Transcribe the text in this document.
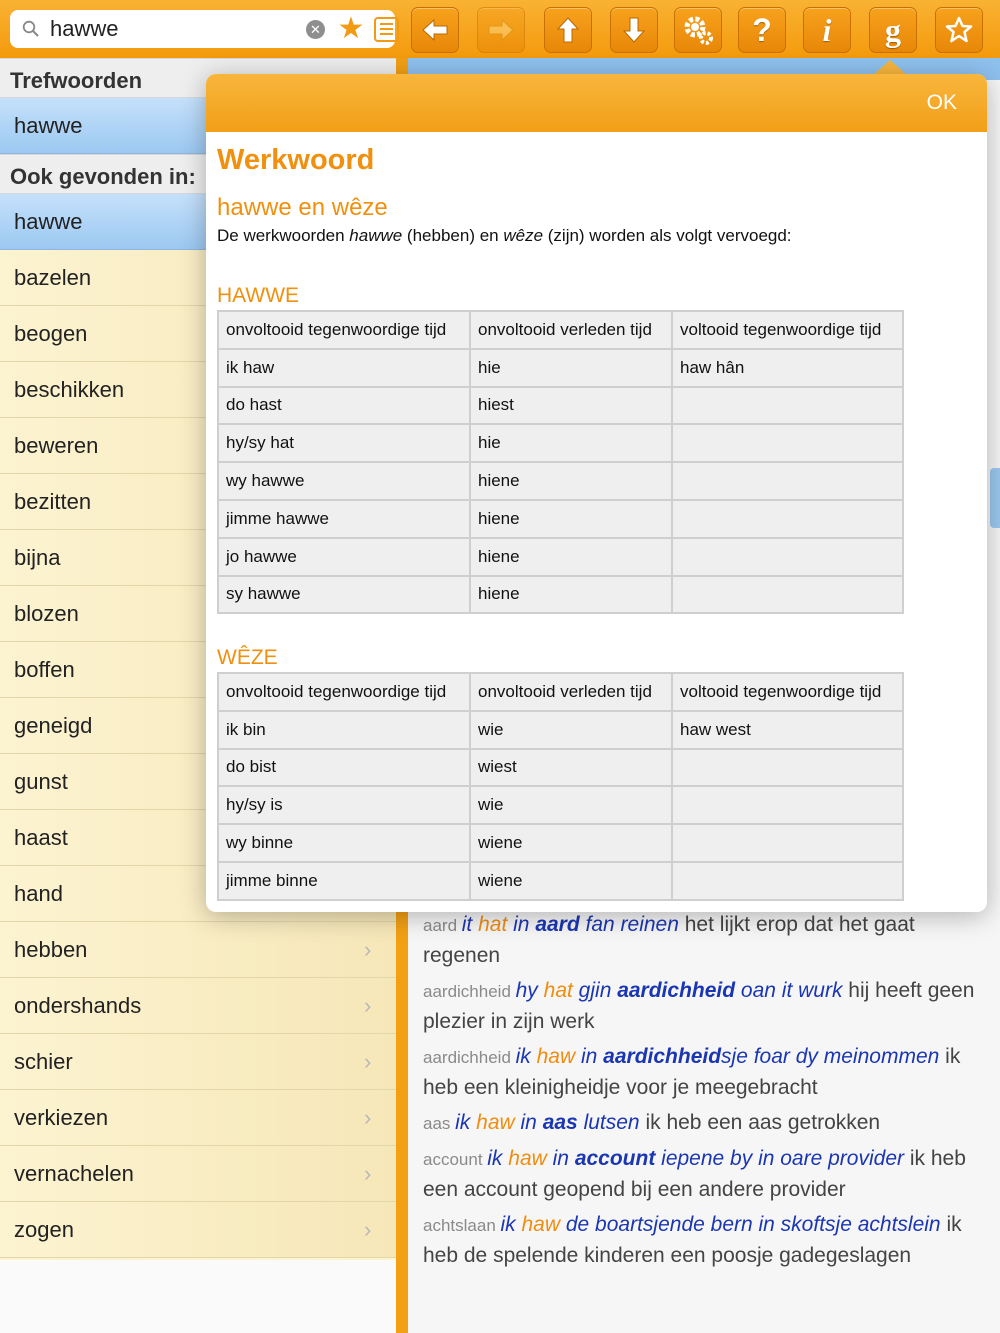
hawwe
✕ ★	?	i	g
Trefwoorden
hawwe
Ook gevonden in:
hawwe
bazelen
beogen
beschikken
beweren
bezitten
bijna
blozen
boffen
geneigd
gunst
haast
hand
hebben	›
ondershands	›
schier	›
verkiezen	›
vernachelen	›
zogen	›
aard it hat in aard fan reinen het lijkt erop dat het gaat regenen
aardichheid hy hat gjin aardichheid oan it wurk hij heeft geen plezier in zijn werk
aardichheid ik haw in aardichheidsje foar dy meinommen ik heb een kleinigheidje voor je meegebracht
aas ik haw in aas lutsen ik heb een aas getrokken
account ik haw in account iepene by in oare provider ik heb een account geopend bij een andere provider
achtslaan ik haw de boartsjende bern in skoftsje achtslein ik heb de spelende kinderen een poosje gadegeslagen
OK
Werkwoord
hawwe en wêze
De werkwoorden hawwe (hebben) en wêze (zijn) worden als volgt vervoegd:
HAWWE
onvoltooid tegenwoordige tijd	onvoltooid verleden tijd	voltooid tegenwoordige tijd
ik haw	hie	haw hân
do hast	hiest	
hy/sy hat	hie	
wy hawwe	hiene	
jimme hawwe	hiene	
jo hawwe	hiene	
sy hawwe	hiene	
WÊZE
onvoltooid tegenwoordige tijd	onvoltooid verleden tijd	voltooid tegenwoordige tijd
ik bin	wie	haw west
do bist	wiest	
hy/sy is	wie	
wy binne	wiene	
jimme binne	wiene	
